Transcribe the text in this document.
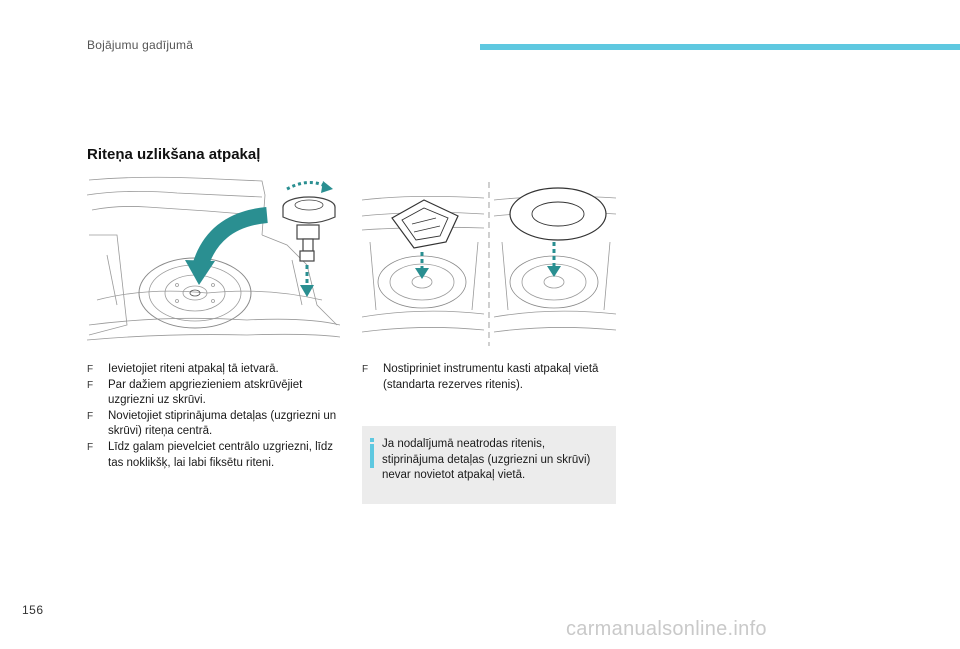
Bojājumu gadījumā
Riteņa uzlikšana atpakaļ
F Ievietojiet riteni atpakaļ tā ietvarā.
F Par dažiem apgriezieniem atskrūvējiet uzgriezni uz skrūvi.
F Novietojiet stiprinājuma detaļas (uzgriezni un skrūvi) riteņa centrā.
F Līdz galam pievelciet centrālo uzgriezni, līdz tas noklikšķ, lai labi fiksētu riteni.
F Nostipriniet instrumentu kasti atpakaļ vietā (standarta rezerves ritenis).
Ja nodalījumā neatrodas ritenis, stiprinājuma detaļas (uzgriezni un skrūvi) nevar novietot atpakaļ vietā.
156
carmanualsonline.info
